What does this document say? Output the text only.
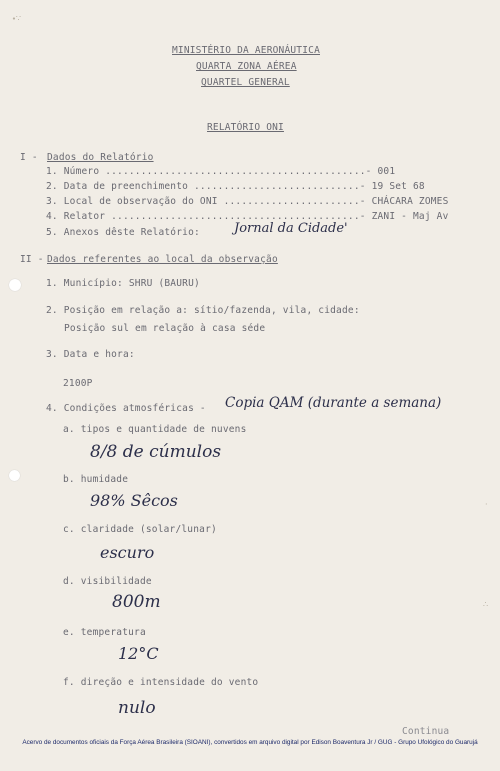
∙∵
MINISTÉRIO DA AERONÁUTICA
QUARTA ZONA AÉREA
QUARTEL GENERAL
RELATÓRIO ONI
I - Dados do Relatório
1. Número ............................................- 001
2. Data de preenchimento ............................- 19 Set 68
3. Local de observação do ONI .......................- CHÁCARA ZOMES
4. Relator ..........................................- ZANI - Maj Av
5. Anexos dêste Relatório:	Jornal da Cidade'
II - Dados referentes ao local da observação
1. Município: SHRU (BAURU)
2. Posição em relação a: sítio/fazenda, vila, cidade:
Posição sul em relação à casa séde
3. Data e hora:
2100P
4. Condições atmosféricas - Copia QAM (durante a semana)
a. tipos e quantidade de nuvens
8/8 de cúmulos
b. humidade
98% Sêcos
c. claridade (solar/lunar)
escuro
d. visibilidade
800m
e. temperatura
12°C
f. direção e intensidade do vento
nulo
Continua
Acervo de documentos oficiais da Força Aérea Brasileira (SIOANI), convertidos em arquivo digital por Edison Boaventura Jr / GUG - Grupo Ufológico do Guarujá
·
∴
